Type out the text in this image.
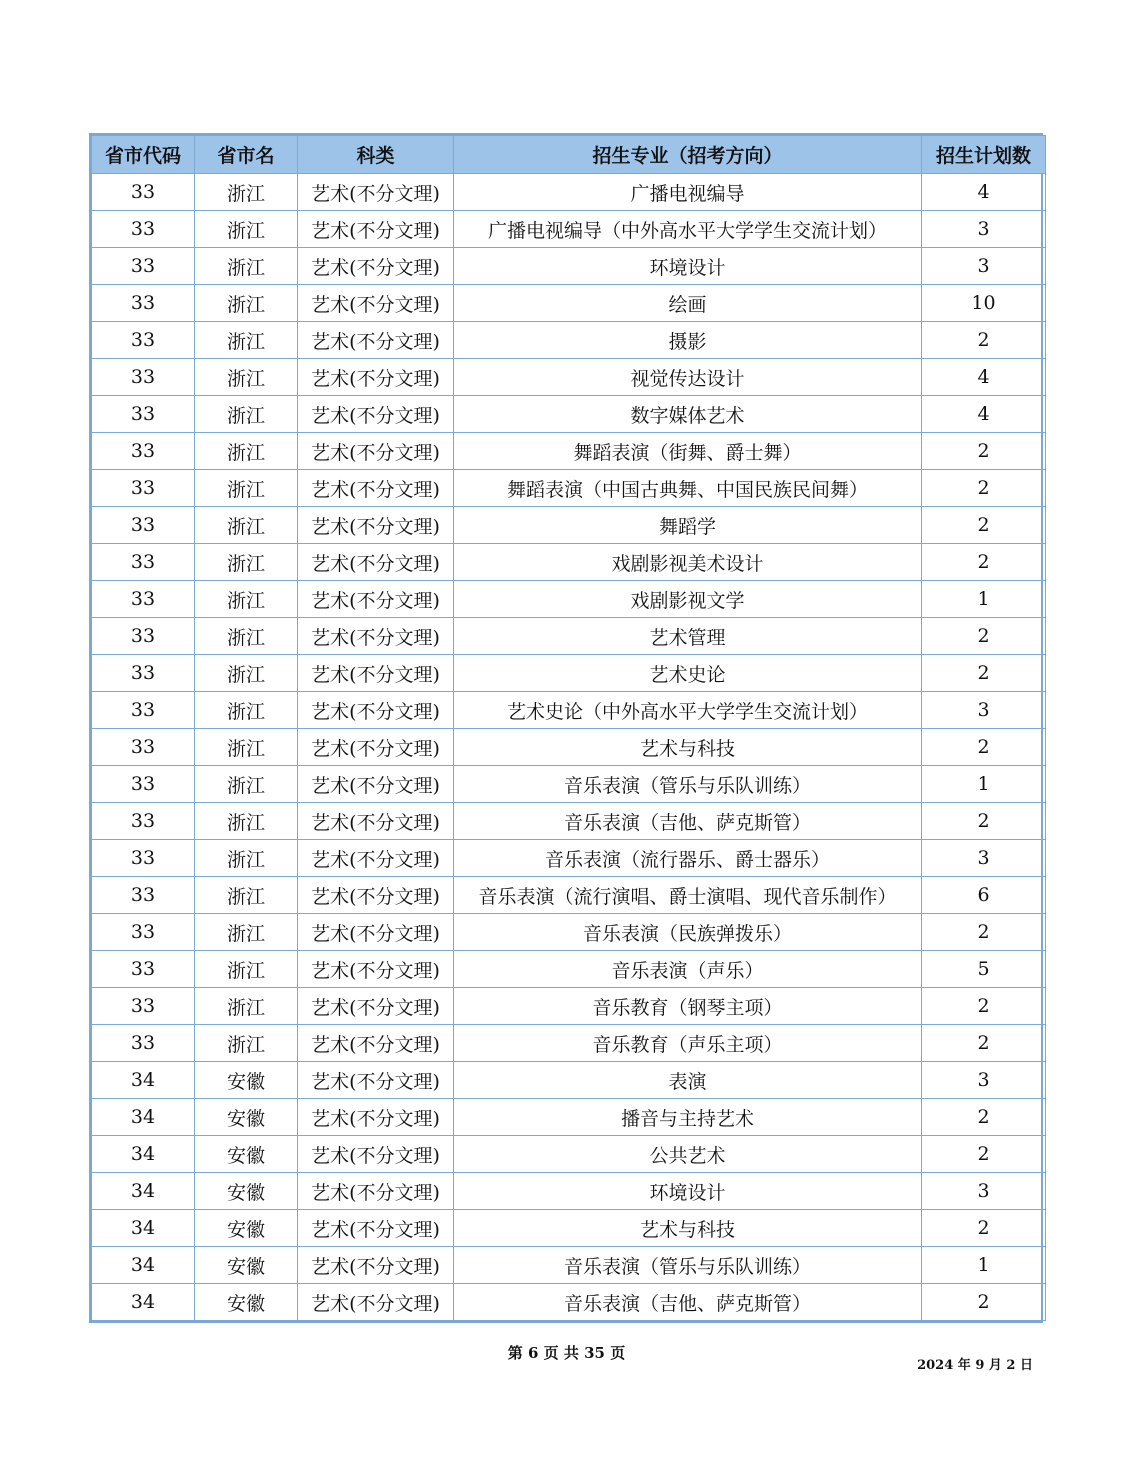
省市代码	省市名	科类	招生专业（招考方向）	招生计划数
33	浙江	艺术(不分文理)	广播电视编导	4
33	浙江	艺术(不分文理)	广播电视编导（中外高水平大学学生交流计划）	3
33	浙江	艺术(不分文理)	环境设计	3
33	浙江	艺术(不分文理)	绘画	10
33	浙江	艺术(不分文理)	摄影	2
33	浙江	艺术(不分文理)	视觉传达设计	4
33	浙江	艺术(不分文理)	数字媒体艺术	4
33	浙江	艺术(不分文理)	舞蹈表演（街舞、爵士舞）	2
33	浙江	艺术(不分文理)	舞蹈表演（中国古典舞、中国民族民间舞）	2
33	浙江	艺术(不分文理)	舞蹈学	2
33	浙江	艺术(不分文理)	戏剧影视美术设计	2
33	浙江	艺术(不分文理)	戏剧影视文学	1
33	浙江	艺术(不分文理)	艺术管理	2
33	浙江	艺术(不分文理)	艺术史论	2
33	浙江	艺术(不分文理)	艺术史论（中外高水平大学学生交流计划）	3
33	浙江	艺术(不分文理)	艺术与科技	2
33	浙江	艺术(不分文理)	音乐表演（管乐与乐队训练）	1
33	浙江	艺术(不分文理)	音乐表演（吉他、萨克斯管）	2
33	浙江	艺术(不分文理)	音乐表演（流行器乐、爵士器乐）	3
33	浙江	艺术(不分文理)	音乐表演（流行演唱、爵士演唱、现代音乐制作）	6
33	浙江	艺术(不分文理)	音乐表演（民族弹拨乐）	2
33	浙江	艺术(不分文理)	音乐表演（声乐）	5
33	浙江	艺术(不分文理)	音乐教育（钢琴主项）	2
33	浙江	艺术(不分文理)	音乐教育（声乐主项）	2
34	安徽	艺术(不分文理)	表演	3
34	安徽	艺术(不分文理)	播音与主持艺术	2
34	安徽	艺术(不分文理)	公共艺术	2
34	安徽	艺术(不分文理)	环境设计	3
34	安徽	艺术(不分文理)	艺术与科技	2
34	安徽	艺术(不分文理)	音乐表演（管乐与乐队训练）	1
34	安徽	艺术(不分文理)	音乐表演（吉他、萨克斯管）	2
第 6 页 共 35 页
2024 年 9 月 2 日
